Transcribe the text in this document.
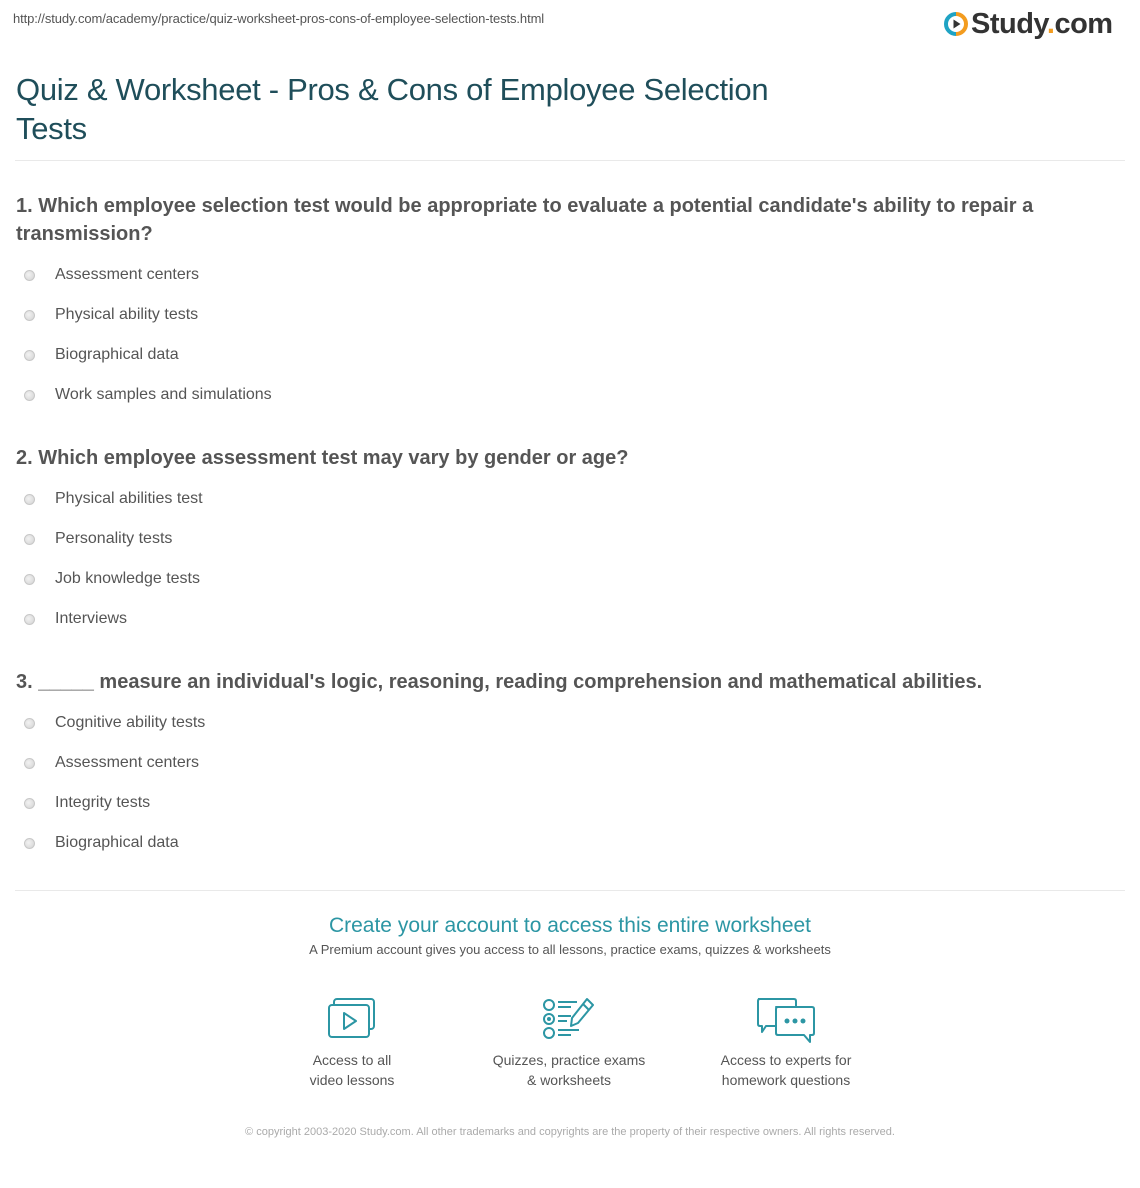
http://study.com/academy/practice/quiz-worksheet-pros-cons-of-employee-selection-tests.html	Study.com
Quiz & Worksheet - Pros & Cons of Employee Selection Tests

1. Which employee selection test would be appropriate to evaluate a potential candidate's ability to repair a transmission?

Assessment centers
Physical ability tests
Biographical data
Work samples and simulations

2. Which employee assessment test may vary by gender or age?

Physical abilities test
Personality tests
Job knowledge tests
Interviews

3. _____ measure an individual's logic, reasoning, reading comprehension and mathematical abilities.

Cognitive ability tests
Assessment centers
Integrity tests
Biographical data
Create your account to access this entire worksheet
A Premium account gives you access to all lessons, practice exams, quizzes & worksheets
Access to all
video lessons
Quizzes, practice exams
& worksheets
Access to experts for
homework questions
© copyright 2003-2020 Study.com. All other trademarks and copyrights are the property of their respective owners. All rights reserved.
